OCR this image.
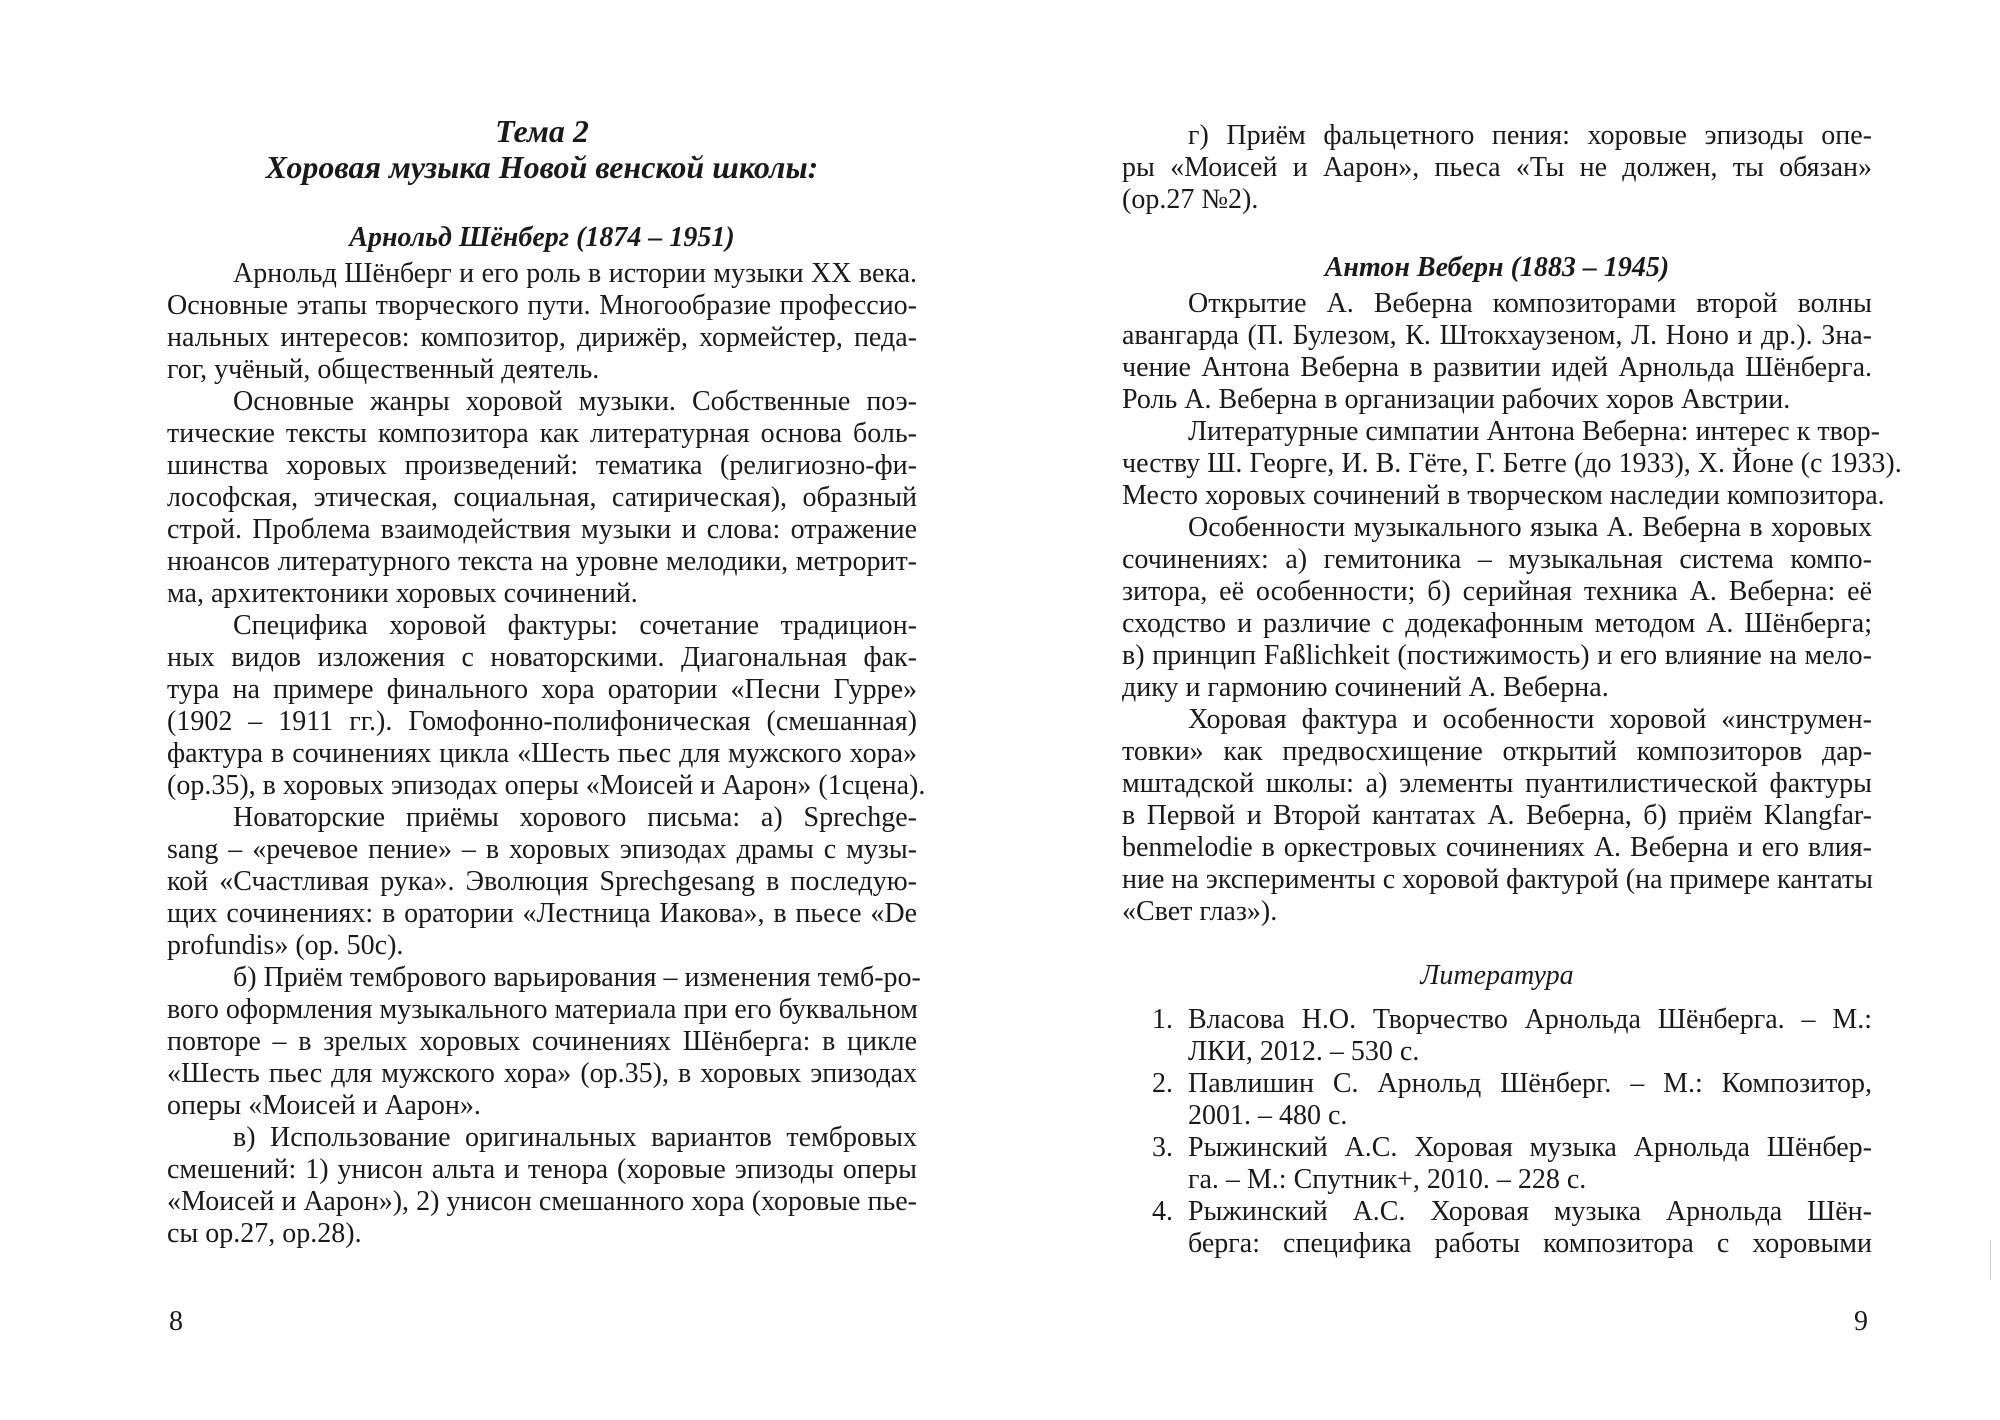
Тема 2
Хоровая музыка Новой венской школы:
Арнольд Шёнберг (1874 – 1951)
Арнольд Шёнберг и его роль в истории музыки XX века.
Основные этапы творческого пути. Многообразие профессио-
нальных интересов: композитор, дирижёр, хормейстер, педа-
гог, учёный, общественный деятель.
Основные жанры хоровой музыки. Собственные поэ-
тические тексты композитора как литературная основа боль-
шинства хоровых произведений: тематика (религиозно-фи-
лософская, этическая, социальная, сатирическая), образный
строй. Проблема взаимодействия музыки и слова: отражение
нюансов литературного текста на уровне мелодики, метрорит-
ма, архитектоники хоровых сочинений.
Специфика хоровой фактуры: сочетание традицион-
ных видов изложения с новаторскими. Диагональная фак-
тура на примере финального хора оратории «Песни Гурре»
(1902 – 1911 гг.). Гомофонно-полифоническая (смешанная)
фактура в сочинениях цикла «Шесть пьес для мужского хора»
(ор.35), в хоровых эпизодах оперы «Моисей и Аарон» (1сцена).
Новаторские приёмы хорового письма: а) Sprechge-
sang – «речевое пение» – в хоровых эпизодах драмы с музы-
кой «Счастливая рука». Эволюция Sprechgesang в последую-
щих сочинениях: в оратории «Лестница Иакова», в пьесе «De
profundis» (ор. 50с).
б) Приём тембрового варьирования – изменения темб-ро-
вого оформления музыкального материала при его буквальном
повторе – в зрелых хоровых сочинениях Шёнберга: в цикле
«Шесть пьес для мужского хора» (ор.35), в хоровых эпизодах
оперы «Моисей и Аарон».
в) Использование оригинальных вариантов тембровых
смешений: 1) унисон альта и тенора (хоровые эпизоды оперы
«Моисей и Аарон»), 2) унисон смешанного хора (хоровые пье-
сы ор.27, ор.28).
8
г) Приём фальцетного пения: хоровые эпизоды опе-
ры «Моисей и Аарон», пьеса «Ты не должен, ты обязан»
(ор.27 №2).
Антон Веберн (1883 – 1945)
Открытие А. Веберна композиторами второй волны
авангарда (П. Булезом, К. Штокхаузеном, Л. Ноно и др.). Зна-
чение Антона Веберна в развитии идей Арнольда Шёнберга.
Роль А. Веберна в организации рабочих хоров Австрии.
Литературные симпатии Антона Веберна: интерес к твор-
честву Ш. Георге, И. В. Гёте, Г. Бетге (до 1933), Х. Йоне (с 1933).
Место хоровых сочинений в творческом наследии композитора.
Особенности музыкального языка А. Веберна в хоровых
сочинениях: а) гемитоника – музыкальная система компо-
зитора, её особенности; б) серийная техника А. Веберна: её
сходство и различие с додекафонным методом А. Шёнберга;
в) принцип Faßlichkeit (постижимость) и его влияние на мело-
дику и гармонию сочинений А. Веберна.
Хоровая фактура и особенности хоровой «инструмен-
товки» как предвосхищение открытий композиторов дар-
мштадской школы: а) элементы пуантилистической фактуры
в Первой и Второй кантатах А. Веберна, б) приём Klangfar-
benmelodie в оркестровых сочинениях А. Веберна и его влия-
ние на эксперименты с хоровой фактурой (на примере кантаты
«Свет глаз»).
Литература
1. Власова Н.О. Творчество Арнольда Шёнберга. – М.:
ЛКИ, 2012. – 530 с.
2. Павлишин С. Арнольд Шёнберг. – М.: Композитор,
2001. – 480 с.
3. Рыжинский А.С. Хоровая музыка Арнольда Шёнбер-
га. – М.: Спутник+, 2010. – 228 с.
4. Рыжинский А.С. Хоровая музыка Арнольда Шён-
берга: специфика работы композитора с хоровыми
9
